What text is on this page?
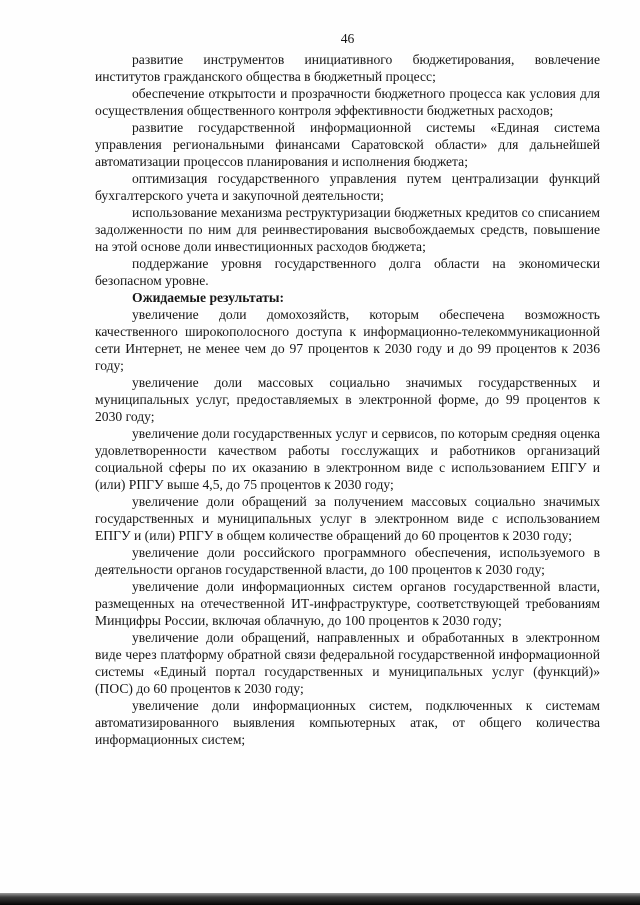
46

развитие инструментов инициативного бюджетирования, вовлечение институтов гражданского общества в бюджетный процесс;

обеспечение открытости и прозрачности бюджетного процесса как условия для осуществления общественного контроля эффективности бюджетных расходов;

развитие государственной информационной системы «Единая система управления региональными финансами Саратовской области» для дальнейшей автоматизации процессов планирования и исполнения бюджета;

оптимизация государственного управления путем централизации функций бухгалтерского учета и закупочной деятельности;

использование механизма реструктуризации бюджетных кредитов со списанием задолженности по ним для реинвестирования высвобождаемых средств, повышение на этой основе доли инвестиционных расходов бюджета;

поддержание уровня государственного долга области на экономически безопасном уровне.

Ожидаемые результаты:

увеличение доли домохозяйств, которым обеспечена возможность качественного широкополосного доступа к информационно-телекоммуникационной сети Интернет, не менее чем до 97 процентов к 2030 году и до 99 процентов к 2036 году;

увеличение доли массовых социально значимых государственных и муниципальных услуг, предоставляемых в электронной форме, до 99 процентов к 2030 году;

увеличение доли государственных услуг и сервисов, по которым средняя оценка удовлетворенности качеством работы госслужащих и работников организаций социальной сферы по их оказанию в электронном виде с использованием ЕПГУ и (или) РПГУ выше 4,5, до 75 процентов к 2030 году;

увеличение доли обращений за получением массовых социально значимых государственных и муниципальных услуг в электронном виде с использованием ЕПГУ и (или) РПГУ в общем количестве обращений до 60 процентов к 2030 году;

увеличение доли российского программного обеспечения, используемого в деятельности органов государственной власти, до 100 процентов к 2030 году;

увеличение доли информационных систем органов государственной власти, размещенных на отечественной ИТ-инфраструктуре, соответствующей требованиям Минцифры России, включая облачную, до 100 процентов к 2030 году;

увеличение доли обращений, направленных и обработанных в электронном виде через платформу обратной связи федеральной государственной информационной системы «Единый портал государственных и муниципальных услуг (функций)» (ПОС) до 60 процентов к 2030 году;

увеличение доли информационных систем, подключенных к системам автоматизированного выявления компьютерных атак, от общего количества информационных систем;
